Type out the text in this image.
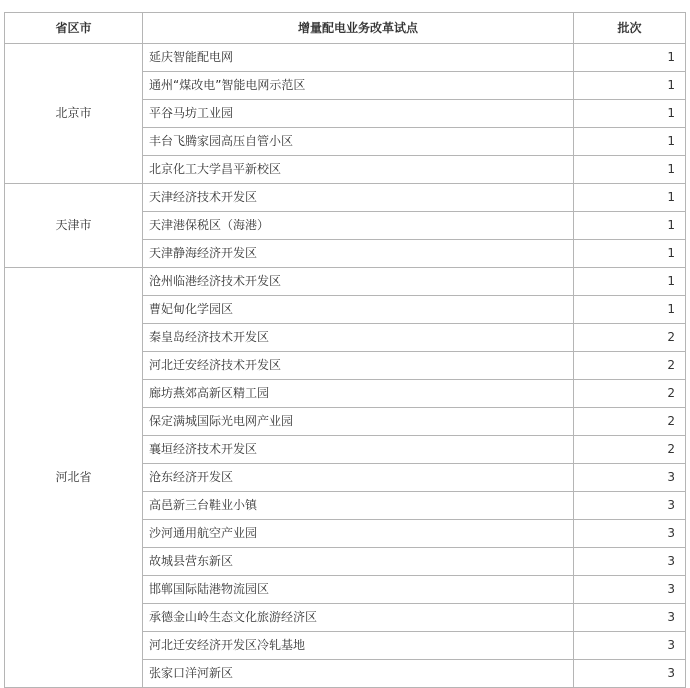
省区市	增量配电业务改革试点	批次
北京市	延庆智能配电网	1
	通州“煤改电”智能电网示范区	1
	平谷马坊工业园	1
	丰台飞腾家园高压自管小区	1
	北京化工大学昌平新校区	1
天津市	天津经济技术开发区	1
	天津港保税区（海港）	1
	天津静海经济开发区	1
河北省	沧州临港经济技术开发区	1
	曹妃甸化学园区	1
	秦皇岛经济技术开发区	2
	河北迁安经济技术开发区	2
	廊坊燕郊高新区精工园	2
	保定满城国际光电网产业园	2
	襄垣经济技术开发区	2
	沧东经济开发区	3
	高邑新三台鞋业小镇	3
	沙河通用航空产业园	3
	故城县营东新区	3
	邯郸国际陆港物流园区	3
	承德金山岭生态文化旅游经济区	3
	河北迁安经济开发区冷轧基地	3
	张家口洋河新区	3
